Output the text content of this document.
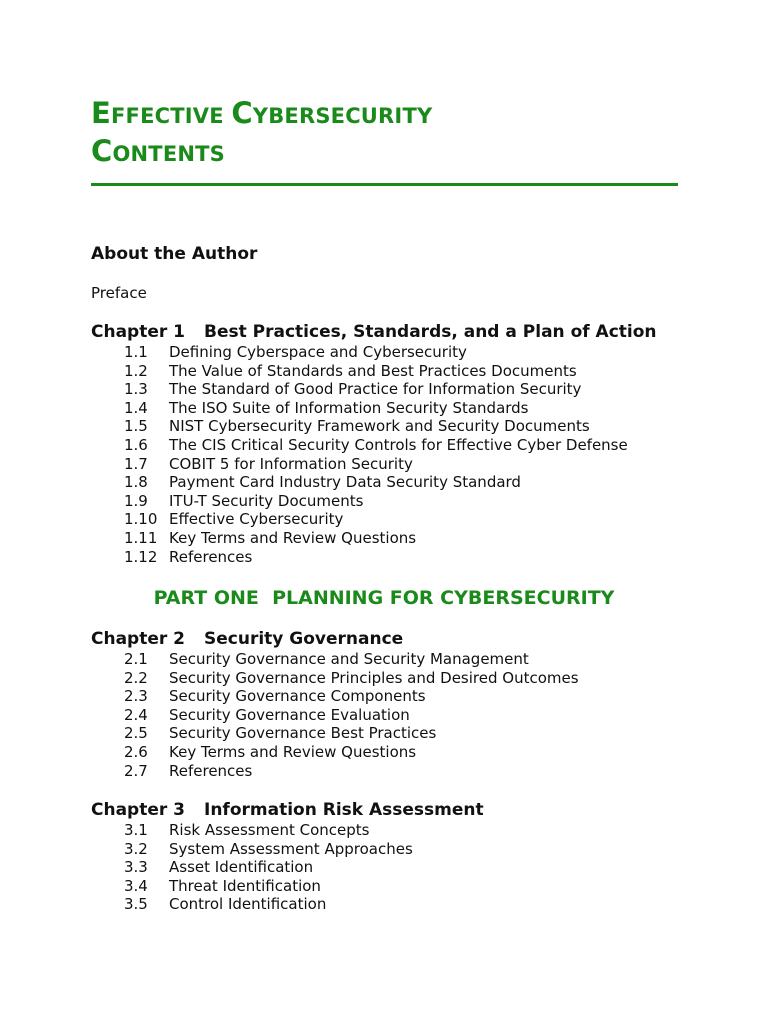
EFFECTIVE CYBERSECURITY
CONTENTS
About the Author
Preface
Chapter 1 Best Practices, Standards, and a Plan of Action
1.1 Defining Cyberspace and Cybersecurity
1.2 The Value of Standards and Best Practices Documents
1.3 The Standard of Good Practice for Information Security
1.4 The ISO Suite of Information Security Standards
1.5 NIST Cybersecurity Framework and Security Documents
1.6 The CIS Critical Security Controls for Effective Cyber Defense
1.7 COBIT 5 for Information Security
1.8 Payment Card Industry Data Security Standard
1.9 ITU-T Security Documents
1.10 Effective Cybersecurity
1.11 Key Terms and Review Questions
1.12 References
PART ONE  PLANNING FOR CYBERSECURITY
Chapter 2 Security Governance
2.1 Security Governance and Security Management
2.2 Security Governance Principles and Desired Outcomes
2.3 Security Governance Components
2.4 Security Governance Evaluation
2.5 Security Governance Best Practices
2.6 Key Terms and Review Questions
2.7 References
Chapter 3 Information Risk Assessment
3.1 Risk Assessment Concepts
3.2 System Assessment Approaches
3.3 Asset Identification
3.4 Threat Identification
3.5 Control Identification
